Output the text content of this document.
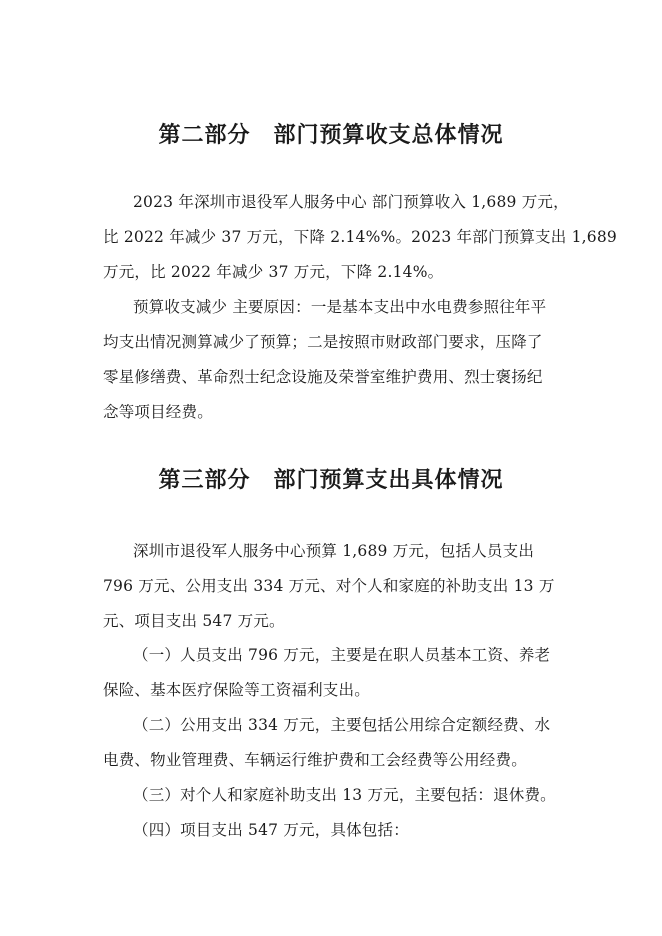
第二部分　部门预算收支总体情况
2023 年深圳市退役军人服务中心 部门预算收入 1,689 万元，
比 2022 年减少 37 万元，下降 2.14%%。2023 年部门预算支出 1,689
万元，比 2022 年减少 37 万元，下降 2.14%。
预算收支减少 主要原因：一是基本支出中水电费参照往年平
均支出情况测算减少了预算；二是按照市财政部门要求，压降了
零星修缮费、革命烈士纪念设施及荣誉室维护费用、烈士褒扬纪
念等项目经费。
第三部分　部门预算支出具体情况
深圳市退役军人服务中心预算 1,689 万元，包括人员支出
796 万元、公用支出 334 万元、对个人和家庭的补助支出 13 万
元、项目支出 547 万元。
（一）人员支出 796 万元，主要是在职人员基本工资、养老
保险、基本医疗保险等工资福利支出。
（二）公用支出 334 万元，主要包括公用综合定额经费、水
电费、物业管理费、车辆运行维护费和工会经费等公用经费。
（三）对个人和家庭补助支出 13 万元，主要包括：退休费。
（四）项目支出 547 万元，具体包括：
